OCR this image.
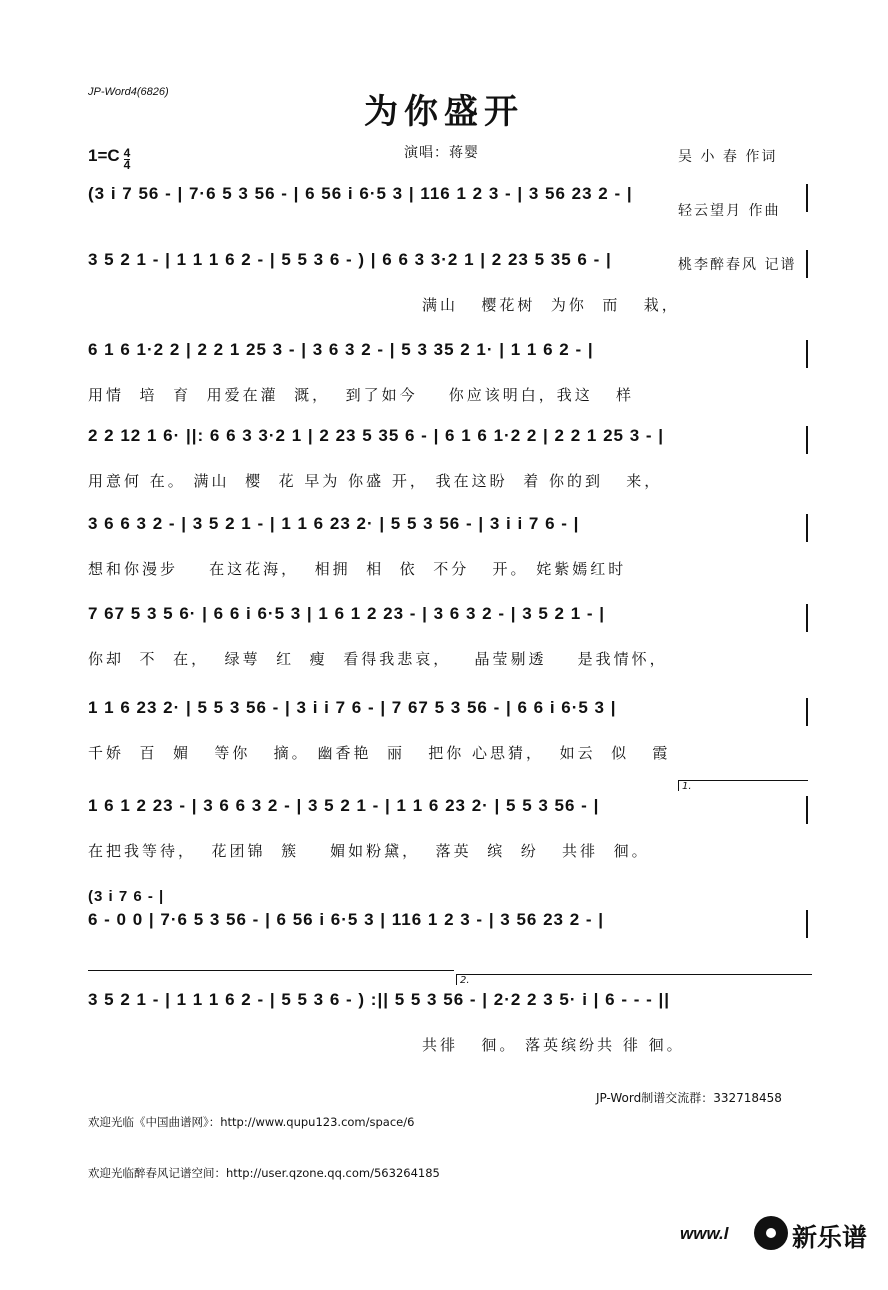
JP-Word4(6826)	为你盛开

吴 小 春 作词

轻云望月 作曲

桃李醉春风 记谱

$1=C \frac{4}{4}$	演唱：蒋婴
(3 i 7 56 - | 7·6 5 3 56 - | 6 56 i 6·5 3 | 116 1 2 3 - | 3 56 23 2 - |
3 5 2 1 - | 1 1 1 6 2 - | 5 5 3 6 - ) | 6 6 3 3·2 1 | 2 23 5 35 6 - |
满山   樱花树  为你  而   栽，
6 1 6 1·2 2 | 2 2 1 25 3 - | 3 6 3 2 - | 5 3 35 2 1· | 1 1 6 2 - |
用情  培  育  用爱在灌  溉，  到了如今    你应该明白，我这   样
2 2 12 1 6· ||: 6 6 3 3·2 1 | 2 23 5 35 6 - | 6 1 6 1·2 2 | 2 2 1 25 3 - |
用意何 在。 满山  樱  花 早为 你盛 开， 我在这盼  着 你的到   来，
3 6 6 3 2 - | 3 5 2 1 - | 1 1 6 23 2· | 5 5 3 56 - | 3 i i 7 6 - |
想和你漫步    在这花海，  相拥  相  依  不分   开。 姹紫嫣红时
7 67 5 3 5 6· | 6 6 i 6·5 3 | 1 6 1 2 23 - | 3 6 3 2 - | 3 5 2 1 - |
你却  不  在，  绿萼  红  瘦  看得我悲哀，   晶莹剔透    是我情怀，
1 1 6 23 2· | 5 5 3 56 - | 3 i i 7 6 - | 7 67 5 3 56 - | 6 6 i 6·5 3 |
千娇  百  媚   等你   摘。 幽香艳  丽   把你 心思猜，  如云  似   霞
1.
1 6 1 2 23 - | 3 6 6 3 2 - | 3 5 2 1 - | 1 1 6 23 2· | 5 5 3 56 - |
在把我等待，  花团锦  簇    媚如粉黛，  落英  缤  纷   共徘  徊。
(3 i 7 6 - |
6 - 0 0 | 7·6 5 3 56 - | 6 56 i 6·5 3 | 116 1 2 3 - | 3 56 23 2 - |
2.
3 5 2 1 - | 1 1 1 6 2 - | 5 5 3 6 - ) :|| 5 5 3 56 - | 2·2 2 3 5· i | 6 - - - ||
共徘   徊。 落英缤纷共 徘 徊。

欢迎光临《中国曲谱网》：http://www.qupu123.com/space/6

欢迎光临醉春风记谱空间：http://user.qzone.qq.com/563264185

JP-Word制谱交流群：332718458

www.l

	新乐谱
